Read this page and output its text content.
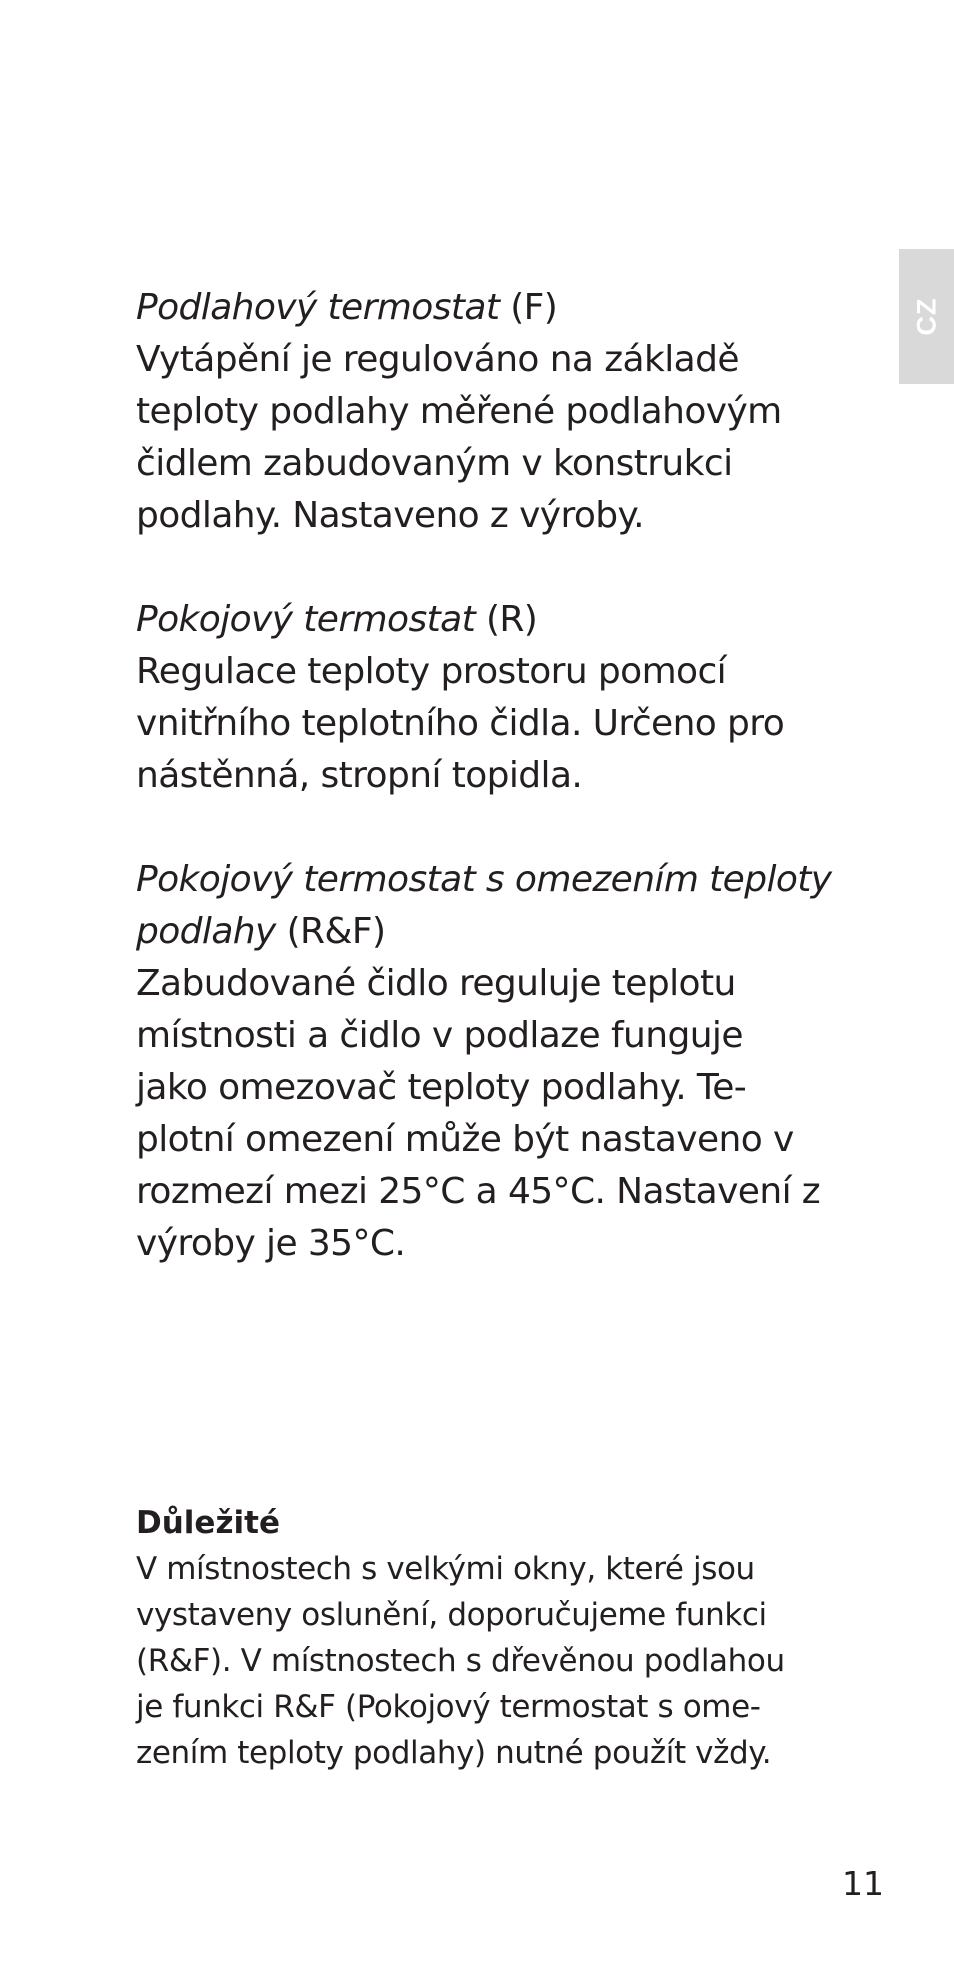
CZ

Podlahový termostat (F)

Vytápění je regulováno na základě

teploty podlahy měřené podlahovým

čidlem zabudovaným v konstrukci

podlahy. Nastaveno z výroby.

Pokojový termostat (R)

Regulace teploty prostoru pomocí

vnitřního teplotního čidla. Určeno pro

nástěnná, stropní topidla.

Pokojový termostat s omezením teploty

podlahy (R&F)

Zabudované čidlo reguluje teplotu

místnosti a čidlo v podlaze funguje

jako omezovač teploty podlahy. Te-

plotní omezení může být nastaveno v

rozmezí mezi 25°C a 45°C. Nastavení z

výroby je 35°C.

Důležité

V místnostech s velkými okny, které jsou

vystaveny oslunění, doporučujeme funkci

(R&F). V místnostech s dřevěnou podlahou

je funkci R&F (Pokojový termostat s ome-

zením teploty podlahy) nutné použít vždy.

11
